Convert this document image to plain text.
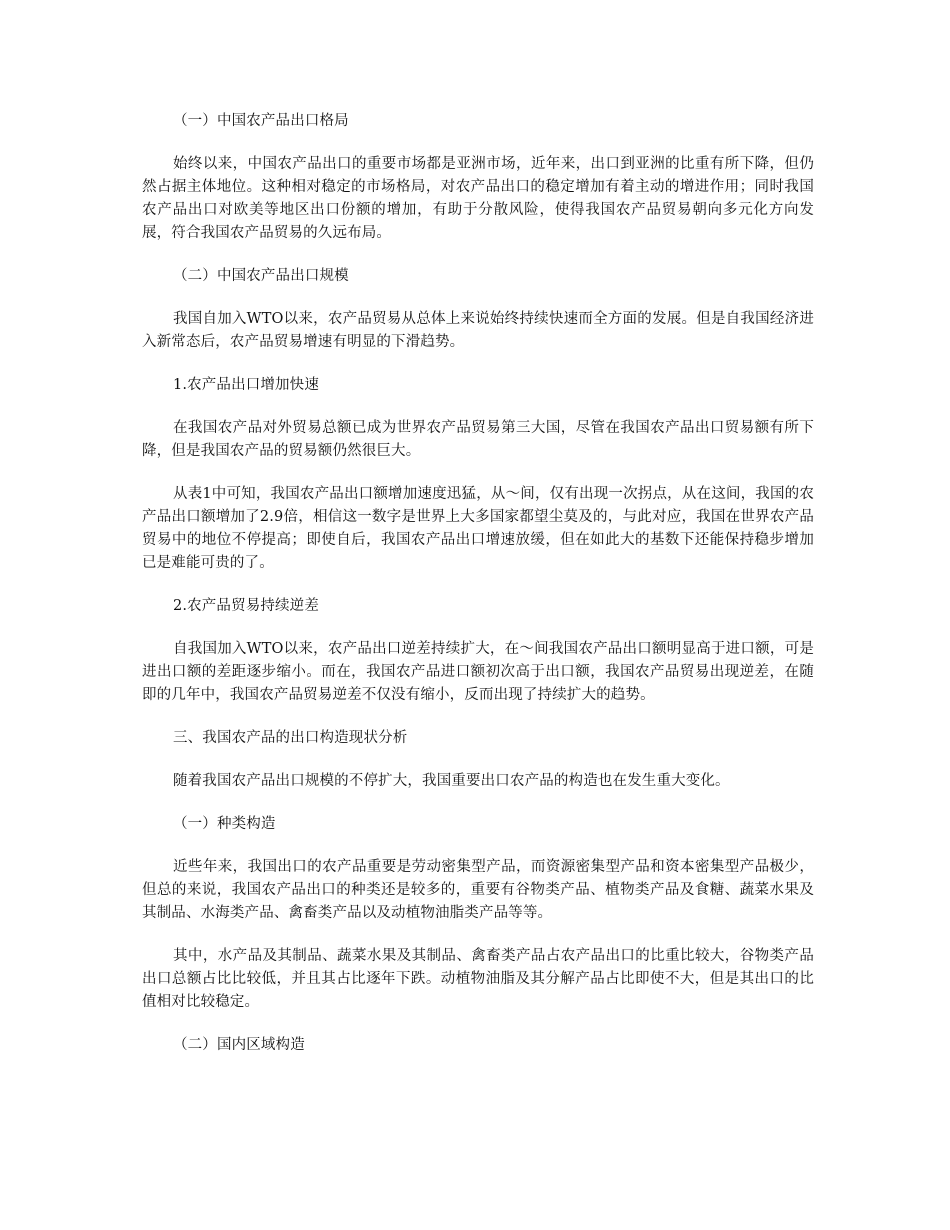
（一）中国农产品出口格局

始终以来，中国农产品出口的重要市场都是亚洲市场，近年来，出口到亚洲的比重有所下降，但仍然占据主体地位。这种相对稳定的市场格局，对农产品出口的稳定增加有着主动的增进作用；同时我国农产品出口对欧美等地区出口份额的增加，有助于分散风险，使得我国农产品贸易朝向多元化方向发展，符合我国农产品贸易的久远布局。

（二）中国农产品出口规模

我国自加入WTO以来，农产品贸易从总体上来说始终持续快速而全方面的发展。但是自我国经济进入新常态后，农产品贸易增速有明显的下滑趋势。

1.农产品出口增加快速

在我国农产品对外贸易总额已成为世界农产品贸易第三大国，尽管在我国农产品出口贸易额有所下降，但是我国农产品的贸易额仍然很巨大。

从表1中可知，我国农产品出口额增加速度迅猛，从～间，仅有出现一次拐点，从在这间，我国的农产品出口额增加了2.9倍，相信这一数字是世界上大多国家都望尘莫及的，与此对应，我国在世界农产品贸易中的地位不停提高；即使自后，我国农产品出口增速放缓，但在如此大的基数下还能保持稳步增加已是难能可贵的了。

2.农产品贸易持续逆差

自我国加入WTO以来，农产品出口逆差持续扩大，在～间我国农产品出口额明显高于进口额，可是进出口额的差距逐步缩小。而在，我国农产品进口额初次高于出口额，我国农产品贸易出现逆差，在随即的几年中，我国农产品贸易逆差不仅没有缩小，反而出现了持续扩大的趋势。

三、我国农产品的出口构造现状分析

随着我国农产品出口规模的不停扩大，我国重要出口农产品的构造也在发生重大变化。

（一）种类构造

近些年来，我国出口的农产品重要是劳动密集型产品，而资源密集型产品和资本密集型产品极少，但总的来说，我国农产品出口的种类还是较多的，重要有谷物类产品、植物类产品及食糖、蔬菜水果及其制品、水海类产品、禽畜类产品以及动植物油脂类产品等等。

其中，水产品及其制品、蔬菜水果及其制品、禽畜类产品占农产品出口的比重比较大，谷物类产品出口总额占比比较低，并且其占比逐年下跌。动植物油脂及其分解产品占比即使不大，但是其出口的比值相对比较稳定。

（二）国内区域构造
